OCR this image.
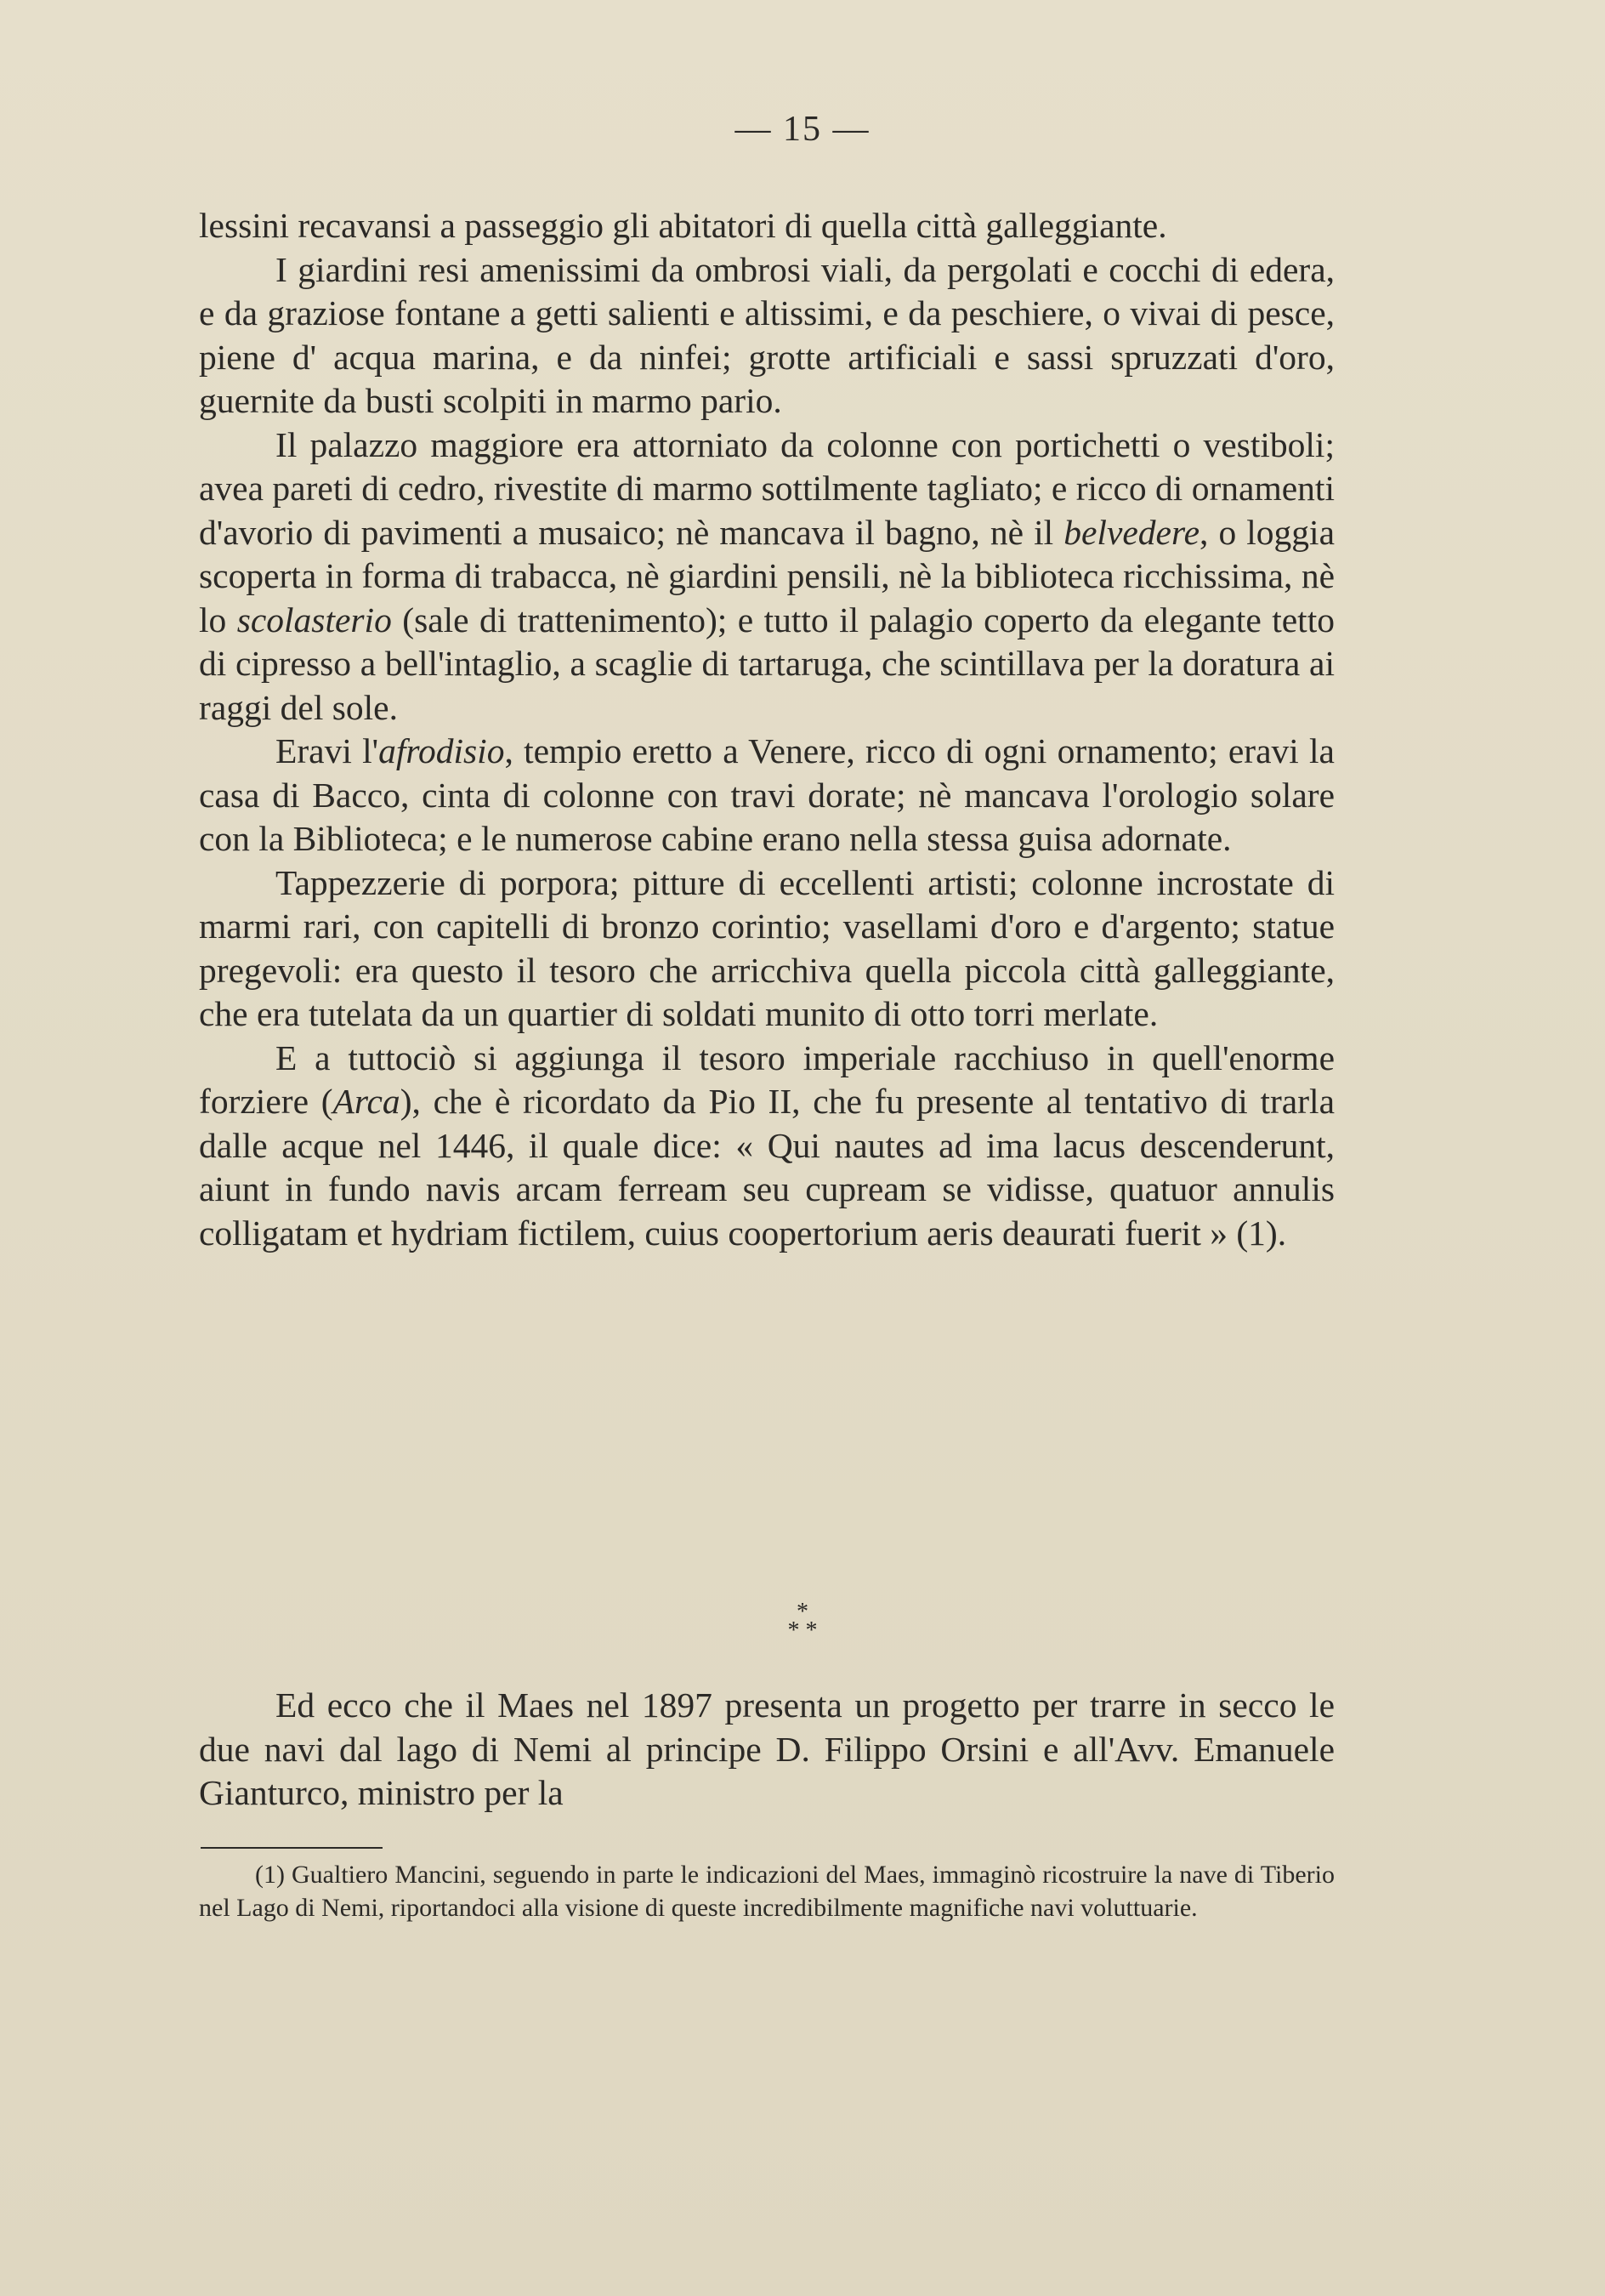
— 15 —

lessini recavansi a passeggio gli abitatori di quella città galleggiante.

I giardini resi amenissimi da ombrosi viali, da pergolati e cocchi di edera, e da graziose fontane a getti salienti e altissimi, e da peschiere, o vivai di pesce, piene d' acqua marina, e da ninfei; grotte artificiali e sassi spruzzati d'oro, guernite da busti scolpiti in marmo pario.

Il palazzo maggiore era attorniato da colonne con portichetti o vestiboli; avea pareti di cedro, rivestite di marmo sottilmente tagliato; e ricco di ornamenti d'avorio di pavimenti a musaico; nè mancava il bagno, nè il belvedere, o loggia scoperta in forma di trabacca, nè giardini pensili, nè la biblioteca ricchissima, nè lo scolasterio (sale di trattenimento); e tutto il palagio coperto da elegante tetto di cipresso a bell'intaglio, a scaglie di tartaruga, che scintillava per la doratura ai raggi del sole.

Eravi l'afrodisio, tempio eretto a Venere, ricco di ogni ornamento; eravi la casa di Bacco, cinta di colonne con travi dorate; nè mancava l'orologio solare con la Biblioteca; e le numerose cabine erano nella stessa guisa adornate.

Tappezzerie di porpora; pitture di eccellenti artisti; colonne incrostate di marmi rari, con capitelli di bronzo corintio; vasellami d'oro e d'argento; statue pregevoli: era questo il tesoro che arricchiva quella piccola città galleggiante, che era tutelata da un quartier di soldati munito di otto torri merlate.

E a tuttociò si aggiunga il tesoro imperiale racchiuso in quell'enorme forziere (Arca), che è ricordato da Pio II, che fu presente al tentativo di trarla dalle acque nel 1446, il quale dice: « Qui nautes ad ima lacus descenderunt, aiunt in fundo navis arcam ferream seu cupream se vidisse, quatuor annulis colligatam et hydriam fictilem, cuius coopertorium aeris deaurati fuerit » (1).

*
* *

Ed ecco che il Maes nel 1897 presenta un progetto per trarre in secco le due navi dal lago di Nemi al principe D. Filippo Orsini e all'Avv. Emanuele Gianturco, ministro per la

(1) Gualtiero Mancini, seguendo in parte le indicazioni del Maes, immaginò ricostruire la nave di Tiberio nel Lago di Nemi, riportandoci alla visione di queste incredibilmente magnifiche navi voluttuarie.
